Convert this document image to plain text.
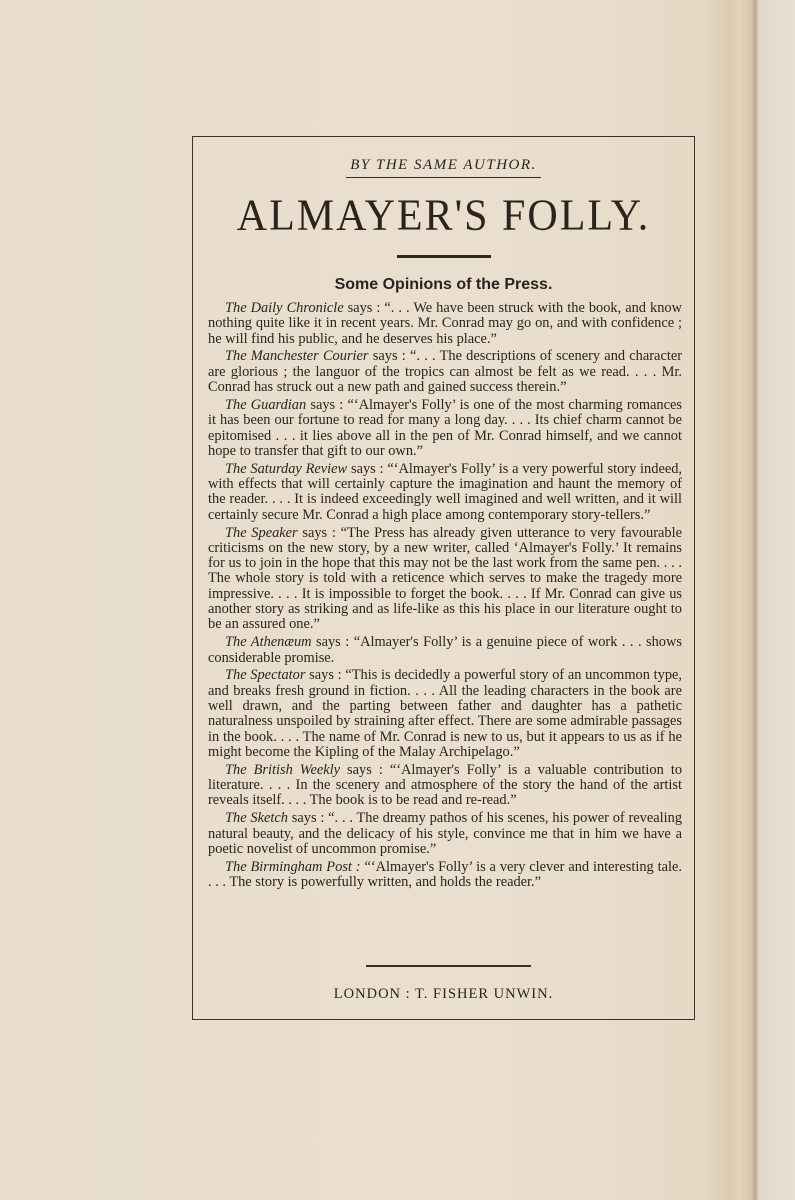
BY THE SAME AUTHOR.
ALMAYER'S FOLLY.
Some Opinions of the Press.

The Daily Chronicle says : “. . . We have been struck with the book, and know nothing quite like it in recent years. Mr. Conrad may go on, and with confidence ; he will find his public, and he deserves his place.”

The Manchester Courier says : “. . . The descriptions of scenery and character are glorious ; the languor of the tropics can almost be felt as we read. . . . Mr. Conrad has struck out a new path and gained success therein.”

The Guardian says : “‘Almayer's Folly’ is one of the most charming romances it has been our fortune to read for many a long day. . . . Its chief charm cannot be epitomised . . . it lies above all in the pen of Mr. Conrad himself, and we cannot hope to transfer that gift to our own.”

The Saturday Review says : “‘Almayer's Folly’ is a very powerful story indeed, with effects that will certainly capture the imagination and haunt the memory of the reader. . . . It is indeed exceedingly well imagined and well written, and it will certainly secure Mr. Conrad a high place among contemporary story-tellers.”

The Speaker says : “The Press has already given utterance to very favourable criticisms on the new story, by a new writer, called ‘Almayer's Folly.’ It remains for us to join in the hope that this may not be the last work from the same pen. . . . The whole story is told with a reticence which serves to make the tragedy more impressive. . . . It is impossible to forget the book. . . . If Mr. Conrad can give us another story as striking and as life-like as this his place in our literature ought to be an assured one.”

The Athenæum says : “Almayer's Folly’ is a genuine piece of work . . . shows considerable promise.

The Spectator says : “This is decidedly a powerful story of an uncommon type, and breaks fresh ground in fiction. . . . All the leading characters in the book are well drawn, and the parting between father and daughter has a pathetic naturalness unspoiled by straining after effect. There are some admirable passages in the book. . . . The name of Mr. Conrad is new to us, but it appears to us as if he might become the Kipling of the Malay Archipelago.”

The British Weekly says : “‘Almayer's Folly’ is a valuable contribution to literature. . . . In the scenery and atmosphere of the story the hand of the artist reveals itself. . . . The book is to be read and re-read.”

The Sketch says : “. . . The dreamy pathos of his scenes, his power of revealing natural beauty, and the delicacy of his style, convince me that in him we have a poetic novelist of uncommon promise.”

The Birmingham Post : “‘Almayer's Folly’ is a very clever and interesting tale. . . . The story is powerfully written, and holds the reader.”

LONDON : T. FISHER UNWIN.
